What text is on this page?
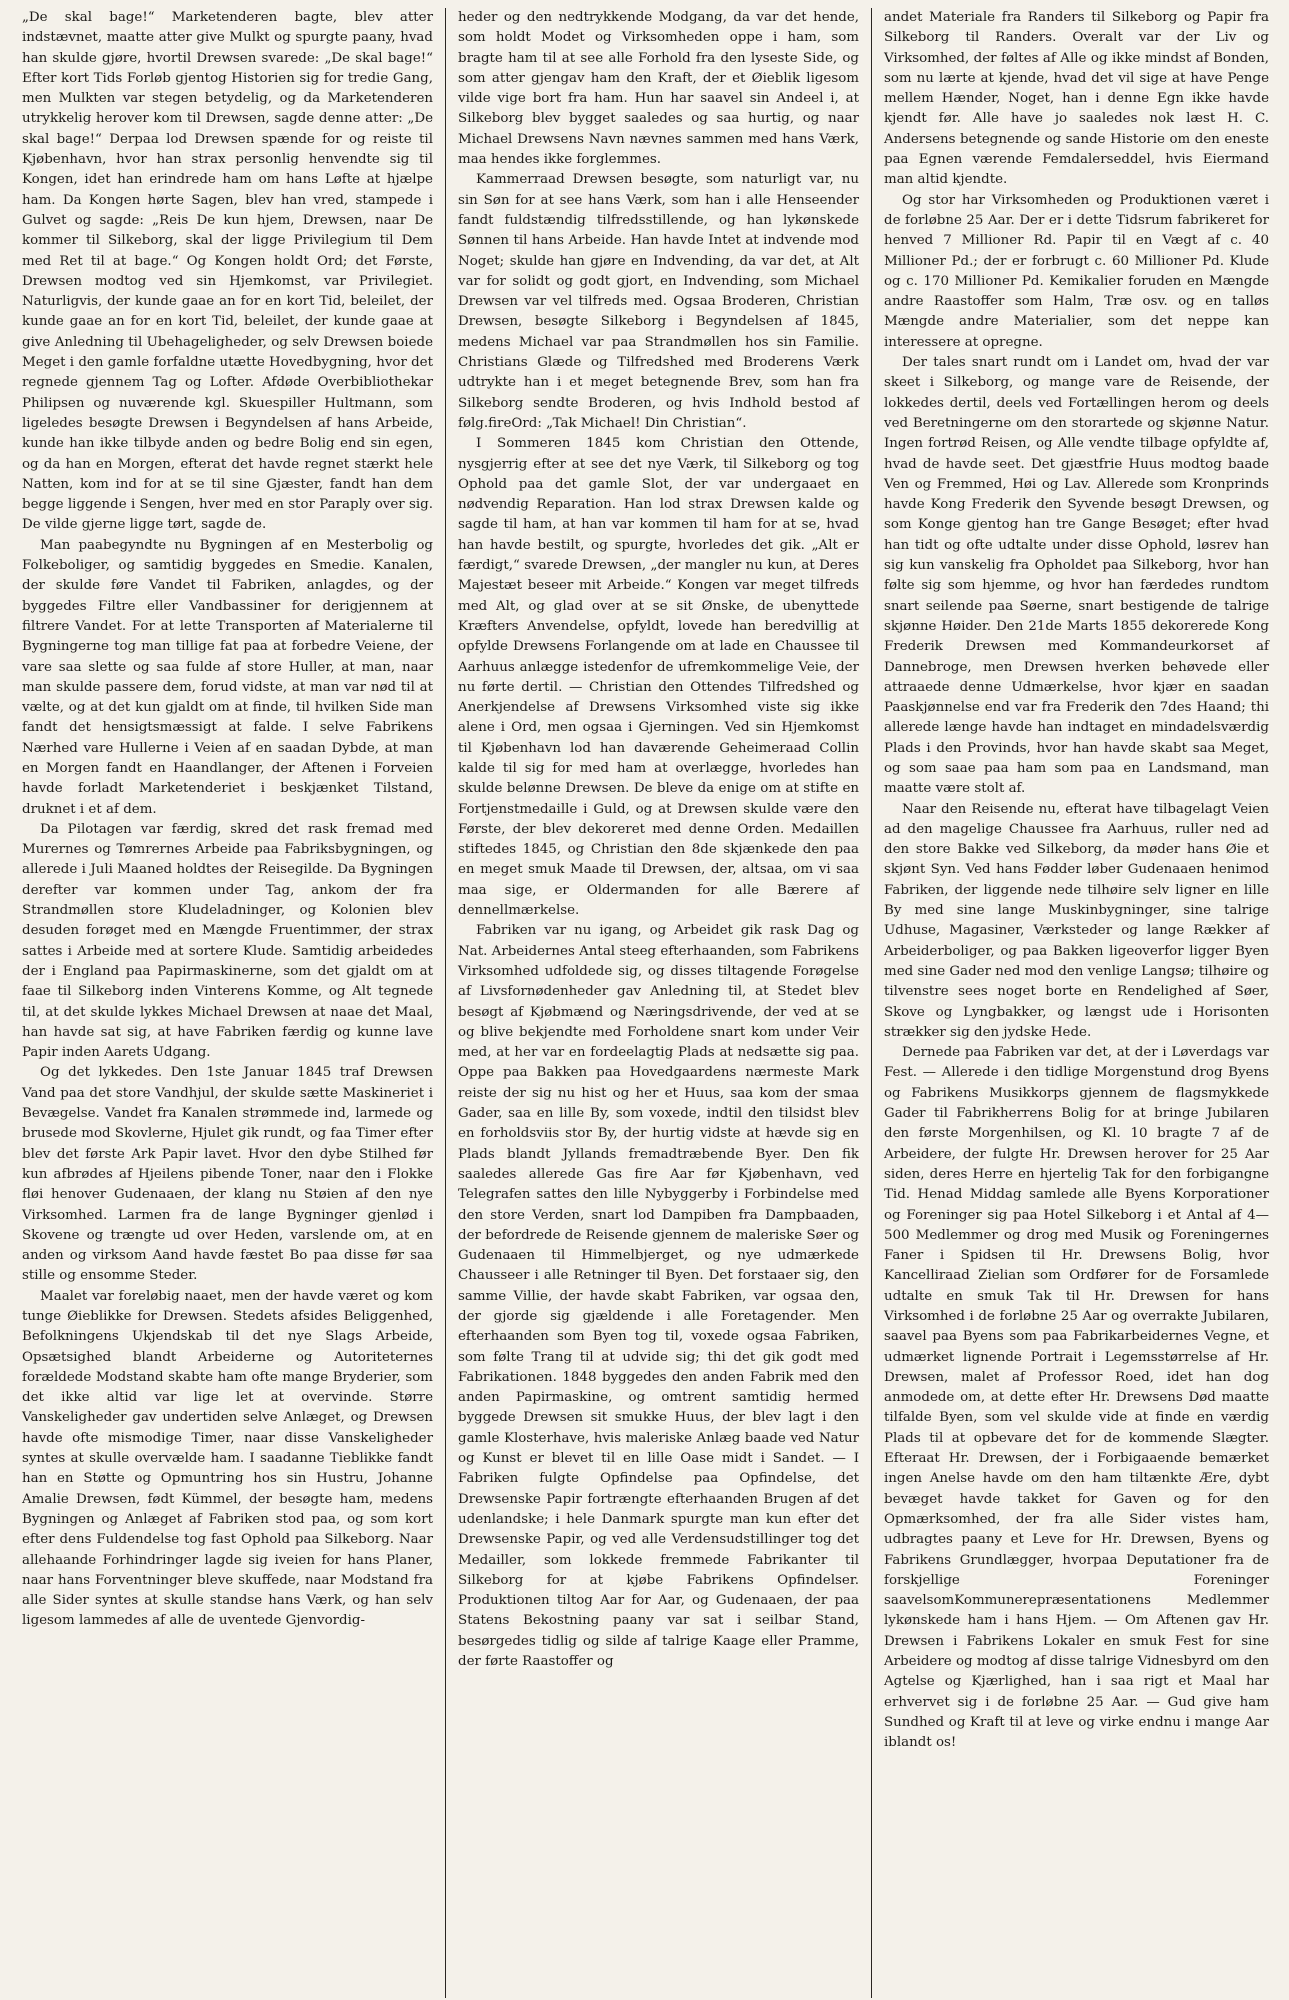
„De skal bage!“ Marketenderen bagte, blev atter indstævnet, maatte atter give Mulkt og spurgte paany, hvad han skulde gjøre, hvortil Drewsen svarede: „De skal bage!“ Efter kort Tids Forløb gjentog Historien sig for tredie Gang, men Mulkten var stegen betydelig, og da Marketenderen utrykkelig herover kom til Drewsen, sagde denne atter: „De skal bage!“ Derpaa lod Drewsen spænde for og reiste til Kjøbenhavn, hvor han strax personlig henvendte sig til Kongen, idet han erindrede ham om hans Løfte at hjælpe ham. Da Kongen hørte Sagen, blev han vred, stampede i Gulvet og sagde: „Reis De kun hjem, Drewsen, naar De kommer til Silkeborg, skal der ligge Privilegium til Dem med Ret til at bage.“ Og Kongen holdt Ord; det Første, Drewsen modtog ved sin Hjemkomst, var Privilegiet. Naturligvis, der kunde gaae an for en kort Tid, beleilet, der kunde gaae an for en kort Tid, beleilet, der kunde gaae at give Anledning til Ubehageligheder, og selv Drewsen boiede Meget i den gamle forfaldne utætte Hovedbygning, hvor det regnede gjennem Tag og Lofter. Afdøde Overbibliothekar Philipsen og nuværende kgl. Skuespiller Hultmann, som ligeledes besøgte Drewsen i Begyndelsen af hans Arbeide, kunde han ikke tilbyde anden og bedre Bolig end sin egen, og da han en Morgen, efterat det havde regnet stærkt hele Natten, kom ind for at se til sine Gjæster, fandt han dem begge liggende i Sengen, hver med en stor Paraply over sig. De vilde gjerne ligge tørt, sagde de.

Man paabegyndte nu Bygningen af en Mesterbolig og Folkeboliger, og samtidig byggedes en Smedie. Kanalen, der skulde føre Vandet til Fabriken, anlagdes, og der byggedes Filtre eller Vandbassiner for derigjennem at filtrere Vandet. For at lette Transporten af Materialerne til Bygningerne tog man tillige fat paa at forbedre Veiene, der vare saa slette og saa fulde af store Huller, at man, naar man skulde passere dem, forud vidste, at man var nød til at vælte, og at det kun gjaldt om at finde, til hvilken Side man fandt det hensigtsmæssigt at falde. I selve Fabrikens Nærhed vare Hullerne i Veien af en saadan Dybde, at man en Morgen fandt en Haandlanger, der Aftenen i Forveien havde forladt Marketenderiet i beskjænket Tilstand, druknet i et af dem.

Da Pilotagen var færdig, skred det rask fremad med Murernes og Tømrernes Arbeide paa Fabriksbygningen, og allerede i Juli Maaned holdtes der Reisegilde. Da Bygningen derefter var kommen under Tag, ankom der fra Strandmøllen store Kludeladninger, og Kolonien blev desuden forøget med en Mængde Fruentimmer, der strax sattes i Arbeide med at sortere Klude. Samtidig arbeidedes der i England paa Papirmaskinerne, som det gjaldt om at faae til Silkeborg inden Vinterens Komme, og Alt tegnede til, at det skulde lykkes Michael Drewsen at naae det Maal, han havde sat sig, at have Fabriken færdig og kunne lave Papir inden Aarets Udgang.

Og det lykkedes. Den 1ste Januar 1845 traf Drewsen Vand paa det store Vandhjul, der skulde sætte Maskineriet i Bevægelse. Vandet fra Kanalen strømmede ind, larmede og brusede mod Skovlerne, Hjulet gik rundt, og faa Timer efter blev det første Ark Papir lavet. Hvor den dybe Stilhed før kun afbrødes af Hjeilens pibende Toner, naar den i Flokke fløi henover Gudenaaen, der klang nu Støien af den nye Virksomhed. Larmen fra de lange Bygninger gjenlød i Skovene og trængte ud over Heden, varslende om, at en anden og virksom Aand havde fæstet Bo paa disse før saa stille og ensomme Steder.

Maalet var foreløbig naaet, men der havde været og kom tunge Øieblikke for Drewsen. Stedets afsides Beliggenhed, Befolkningens Ukjendskab til det nye Slags Arbeide, Opsætsighed blandt Arbeiderne og Autoriteternes forældede Modstand skabte ham ofte mange Bryderier, som det ikke altid var lige let at overvinde. Større Vanskeligheder gav undertiden selve Anlæget, og Drewsen havde ofte mismodige Timer, naar disse Vanskeligheder syntes at skulle overvælde ham. I saadanne Tieblikke fandt han en Støtte og Opmuntring hos sin Hustru, Johanne Amalie Drewsen, født Kümmel, der besøgte ham, medens Bygningen og Anlæget af Fabriken stod paa, og som kort efter dens Fuldendelse tog fast Ophold paa Silkeborg. Naar allehaande Forhindringer lagde sig iveien for hans Planer, naar hans Forventninger bleve skuffede, naar Modstand fra alle Sider syntes at skulle standse hans Værk, og han selv ligesom lammedes af alle de uventede Gjenvordig-

heder og den nedtrykkende Modgang, da var det hende, som holdt Modet og Virksomheden oppe i ham, som bragte ham til at see alle Forhold fra den lyseste Side, og som atter gjengav ham den Kraft, der et Øieblik ligesom vilde vige bort fra ham. Hun har saavel sin Andeel i, at Silkeborg blev bygget saaledes og saa hurtig, og naar Michael Drewsens Navn nævnes sammen med hans Værk, maa hendes ikke forglemmes.

Kammerraad Drewsen besøgte, som naturligt var, nu sin Søn for at see hans Værk, som han i alle Henseender fandt fuldstændig tilfredsstillende, og han lykønskede Sønnen til hans Arbeide. Han havde Intet at indvende mod Noget; skulde han gjøre en Indvending, da var det, at Alt var for solidt og godt gjort, en Indvending, som Michael Drewsen var vel tilfreds med. Ogsaa Broderen, Christian Drewsen, besøgte Silkeborg i Begyndelsen af 1845, medens Michael var paa Strandmøllen hos sin Familie. Christians Glæde og Tilfredshed med Broderens Værk udtrykte han i et meget betegnende Brev, som han fra Silkeborg sendte Broderen, og hvis Indhold bestod af følg.fireOrd: „Tak Michael! Din Christian“.

I Sommeren 1845 kom Christian den Ottende, nysgjerrig efter at see det nye Værk, til Silkeborg og tog Ophold paa det gamle Slot, der var undergaaet en nødvendig Reparation. Han lod strax Drewsen kalde og sagde til ham, at han var kommen til ham for at se, hvad han havde bestilt, og spurgte, hvorledes det gik. „Alt er færdigt,“ svarede Drewsen, „der mangler nu kun, at Deres Majestæt beseer mit Arbeide.“ Kongen var meget tilfreds med Alt, og glad over at se sit Ønske, de ubenyttede Kræfters Anvendelse, opfyldt, lovede han beredvillig at opfylde Drewsens Forlangende om at lade en Chaussee til Aarhuus anlægge istedenfor de ufremkommelige Veie, der nu førte dertil. — Christian den Ottendes Tilfredshed og Anerkjendelse af Drewsens Virksomhed viste sig ikke alene i Ord, men ogsaa i Gjerningen. Ved sin Hjemkomst til Kjøbenhavn lod han daværende Geheimeraad Collin kalde til sig for med ham at overlægge, hvorledes han skulde belønne Drewsen. De bleve da enige om at stifte en Fortjenstmedaille i Guld, og at Drewsen skulde være den Første, der blev dekoreret med denne Orden. Medaillen stiftedes 1845, og Christian den 8de skjænkede den paa en meget smuk Maade til Drewsen, der, altsaa, om vi saa maa sige, er Oldermanden for alle Bærere af dennellmærkelse.

Fabriken var nu igang, og Arbeidet gik rask Dag og Nat. Arbeidernes Antal steeg efterhaanden, som Fabrikens Virksomhed udfoldede sig, og disses tiltagende Forøgelse af Livsfornødenheder gav Anledning til, at Stedet blev besøgt af Kjøbmænd og Næringsdrivende, der ved at se og blive bekjendte med Forholdene snart kom under Veir med, at her var en fordeelagtig Plads at nedsætte sig paa. Oppe paa Bakken paa Hovedgaardens nærmeste Mark reiste der sig nu hist og her et Huus, saa kom der smaa Gader, saa en lille By, som voxede, indtil den tilsidst blev en forholdsviis stor By, der hurtig vidste at hævde sig en Plads blandt Jyllands fremadtræbende Byer. Den fik saaledes allerede Gas fire Aar før Kjøbenhavn, ved Telegrafen sattes den lille Nybyggerby i Forbindelse med den store Verden, snart lod Dampiben fra Dampbaaden, der befordrede de Reisende gjennem de maleriske Søer og Gudenaaen til Himmelbjerget, og nye udmærkede Chausseer i alle Retninger til Byen. Det forstaaer sig, den samme Villie, der havde skabt Fabriken, var ogsaa den, der gjorde sig gjældende i alle Foretagender. Men efterhaanden som Byen tog til, voxede ogsaa Fabriken, som følte Trang til at udvide sig; thi det gik godt med Fabrikationen. 1848 byggedes den anden Fabrik med den anden Papirmaskine, og omtrent samtidig hermed byggede Drewsen sit smukke Huus, der blev lagt i den gamle Klosterhave, hvis maleriske Anlæg baade ved Natur og Kunst er blevet til en lille Oase midt i Sandet. — I Fabriken fulgte Opfindelse paa Opfindelse, det Drewsenske Papir fortrængte efterhaanden Brugen af det udenlandske; i hele Danmark spurgte man kun efter det Drewsenske Papir, og ved alle Verdensudstillinger tog det Medailler, som lokkede fremmede Fabrikanter til Silkeborg for at kjøbe Fabrikens Opfindelser. Produktionen tiltog Aar for Aar, og Gudenaaen, der paa Statens Bekostning paany var sat i seilbar Stand, besørgedes tidlig og silde af talrige Kaage eller Pramme, der førte Raastoffer og

andet Materiale fra Randers til Silkeborg og Papir fra Silkeborg til Randers. Overalt var der Liv og Virksomhed, der føltes af Alle og ikke mindst af Bonden, som nu lærte at kjende, hvad det vil sige at have Penge mellem Hænder, Noget, han i denne Egn ikke havde kjendt før. Alle have jo saaledes nok læst H. C. Andersens betegnende og sande Historie om den eneste paa Egnen værende Femdalerseddel, hvis Eiermand man altid kjendte.

Og stor har Virksomheden og Produktionen været i de forløbne 25 Aar. Der er i dette Tidsrum fabrikeret for henved 7 Millioner Rd. Papir til en Vægt af c. 40 Millioner Pd.; der er forbrugt c. 60 Millioner Pd. Klude og c. 170 Millioner Pd. Kemikalier foruden en Mængde andre Raastoffer som Halm, Træ osv. og en talløs Mængde andre Materialier, som det neppe kan interessere at opregne.

Der tales snart rundt om i Landet om, hvad der var skeet i Silkeborg, og mange vare de Reisende, der lokkedes dertil, deels ved Fortællingen herom og deels ved Beretningerne om den storartede og skjønne Natur. Ingen fortrød Reisen, og Alle vendte tilbage opfyldte af, hvad de havde seet. Det gjæstfrie Huus modtog baade Ven og Fremmed, Høi og Lav. Allerede som Kronprinds havde Kong Frederik den Syvende besøgt Drewsen, og som Konge gjentog han tre Gange Besøget; efter hvad han tidt og ofte udtalte under disse Ophold, løsrev han sig kun vanskelig fra Opholdet paa Silkeborg, hvor han følte sig som hjemme, og hvor han færdedes rundtom snart seilende paa Søerne, snart bestigende de talrige skjønne Høider. Den 21de Marts 1855 dekorerede Kong Frederik Drewsen med Kommandeurkorset af Dannebroge, men Drewsen hverken behøvede eller attraaede denne Udmærkelse, hvor kjær en saadan Paaskjønnelse end var fra Frederik den 7des Haand; thi allerede længe havde han indtaget en mindadelsværdig Plads i den Provinds, hvor han havde skabt saa Meget, og som saae paa ham som paa en Landsmand, man maatte være stolt af.

Naar den Reisende nu, efterat have tilbagelagt Veien ad den magelige Chaussee fra Aarhuus, ruller ned ad den store Bakke ved Silkeborg, da møder hans Øie et skjønt Syn. Ved hans Fødder løber Gudenaaen henimod Fabriken, der liggende nede tilhøire selv ligner en lille By med sine lange Muskinbygninger, sine talrige Udhuse, Magasiner, Værksteder og lange Rækker af Arbeiderboliger, og paa Bakken ligeoverfor ligger Byen med sine Gader ned mod den venlige Langsø; tilhøire og tilvenstre sees noget borte en Rendelighed af Søer, Skove og Lyngbakker, og længst ude i Horisonten strækker sig den jydske Hede.

Dernede paa Fabriken var det, at der i Løverdags var Fest. — Allerede i den tidlige Morgenstund drog Byens og Fabrikens Musikkorps gjennem de flagsmykkede Gader til Fabrikherrens Bolig for at bringe Jubilaren den første Morgenhilsen, og Kl. 10 bragte 7 af de Arbeidere, der fulgte Hr. Drewsen herover for 25 Aar siden, deres Herre en hjertelig Tak for den forbigangne Tid. Henad Middag samlede alle Byens Korporationer og Foreninger sig paa Hotel Silkeborg i et Antal af 4—500 Medlemmer og drog med Musik og Foreningernes Faner i Spidsen til Hr. Drewsens Bolig, hvor Kancelliraad Zielian som Ordfører for de Forsamlede udtalte en smuk Tak til Hr. Drewsen for hans Virksomhed i de forløbne 25 Aar og overrakte Jubilaren, saavel paa Byens som paa Fabrikarbeidernes Vegne, et udmærket lignende Portrait i Legemsstørrelse af Hr. Drewsen, malet af Professor Roed, idet han dog anmodede om, at dette efter Hr. Drewsens Død maatte tilfalde Byen, som vel skulde vide at finde en værdig Plads til at opbevare det for de kommende Slægter. Efteraat Hr. Drewsen, der i Forbigaaende bemærket ingen Anelse havde om den ham tiltænkte Ære, dybt bevæget havde takket for Gaven og for den Opmærksomhed, der fra alle Sider vistes ham, udbragtes paany et Leve for Hr. Drewsen, Byens og Fabrikens Grundlægger, hvorpaa Deputationer fra de forskjellige Foreninger saavelsomKommunerepræsentationens Medlemmer lykønskede ham i hans Hjem. — Om Aftenen gav Hr. Drewsen i Fabrikens Lokaler en smuk Fest for sine Arbeidere og modtog af disse talrige Vidnesbyrd om den Agtelse og Kjærlighed, han i saa rigt et Maal har erhvervet sig i de forløbne 25 Aar. — Gud give ham Sundhed og Kraft til at leve og virke endnu i mange Aar iblandt os!
